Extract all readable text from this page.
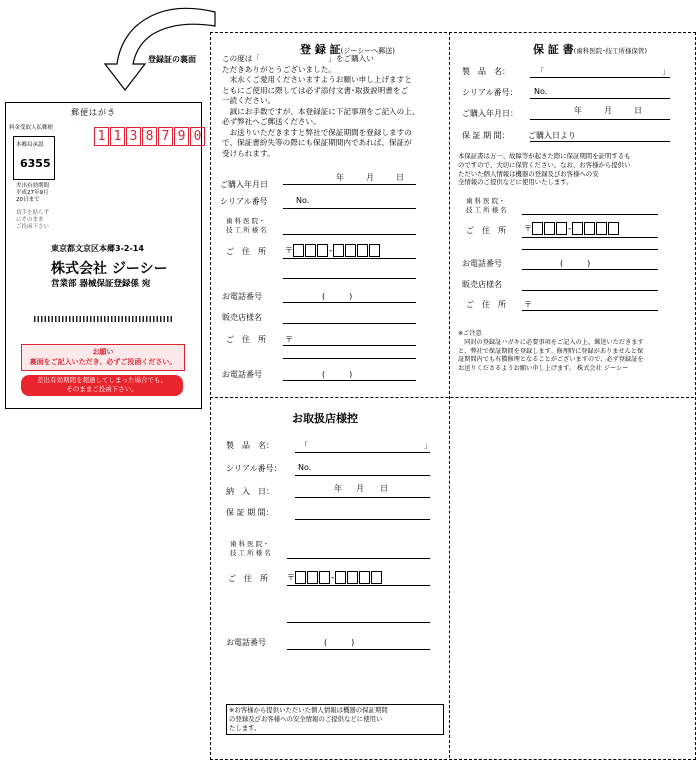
登録証の裏面
郵便はがき
料金受取人払郵便
本郷局承認
6355
差出有効期間
平成27年9月
20日まで
切手を貼らず
にそのまま
ご投函下さい
1 1 3 8 7 9 0
東京都文京区本郷3-2-14
株式会社 ジーシー
営業部 器械保証登録係 宛
お願い
裏面をご記入いただき、必ずご投函ください。
差出有効期間を超過してしまった場合でも、
そのままご投函下さい。
登 録 証(ジーシーへ郵送)
この度は「　　　　　　　　　」をご購入い
ただきありがとうございました。
　末永くご愛用くださいますようお願い申し上げますと
ともにご使用に際しては必ず添付文書･取扱説明書をご
一読ください。
　誠にお手数ですが、本登録証に下記事項をご記入の上、
必ず弊社へご郵送ください。
　お送りいただきますと弊社で保証期間を登録しますの
で、保証書紛失等の際にも保証期間内であれば、保証が
受けられます。
ご購入年月日
年	月	日
シリアル番号	No.
歯 科 医 院 ･
技 工 所 様 名
ご　住　所 〒	-
お電話番号	(　　　)
販売店様名
ご　住　所 〒
お電話番号	(　　　)
保 証 書(歯科医院･技工所様保管)
製　品　名：	「	」
シリアル番号： No.
ご購入年月日：	年	月	日
保 証 期 間： ご購入日より
本保証書は万一、故障等が起きた際に保証期間を証明するも
のですので、大切に保管ください。なお、お客様から提供い
ただいた個人情報は機器の登録及びお客様への安
全情報のご提供などに使用いたします。
歯 科 医 院 ･
技 工 所 様 名
ご　住　所 〒	-
お電話番号	(　　　)
販売店様名
ご　住　所 〒
※ご注意
　同封の登録証ハガキに必要事項をご記入の上、郵送いただきます
と、弊社で保証期間を登録します。修理時に登録がありませんと保
証期間内でも有償修理となることがございますので、必ず登録証を
お送りくださるようお願い申し上げます。 株式会社 ジーシー
お取扱店様控
製　品　名：	「	」
シリアル番号： No.
納　入　日：	年 月 日
保 証 期 間：
歯 科 医 院 ･
技 工 所 様 名
ご　住　所 〒	-
お電話番号	(　　　)
※お客様から提供いただいた個人情報は機器の保証期間
の登録及びお客様への安全情報のご提供などに使用い
たします。
